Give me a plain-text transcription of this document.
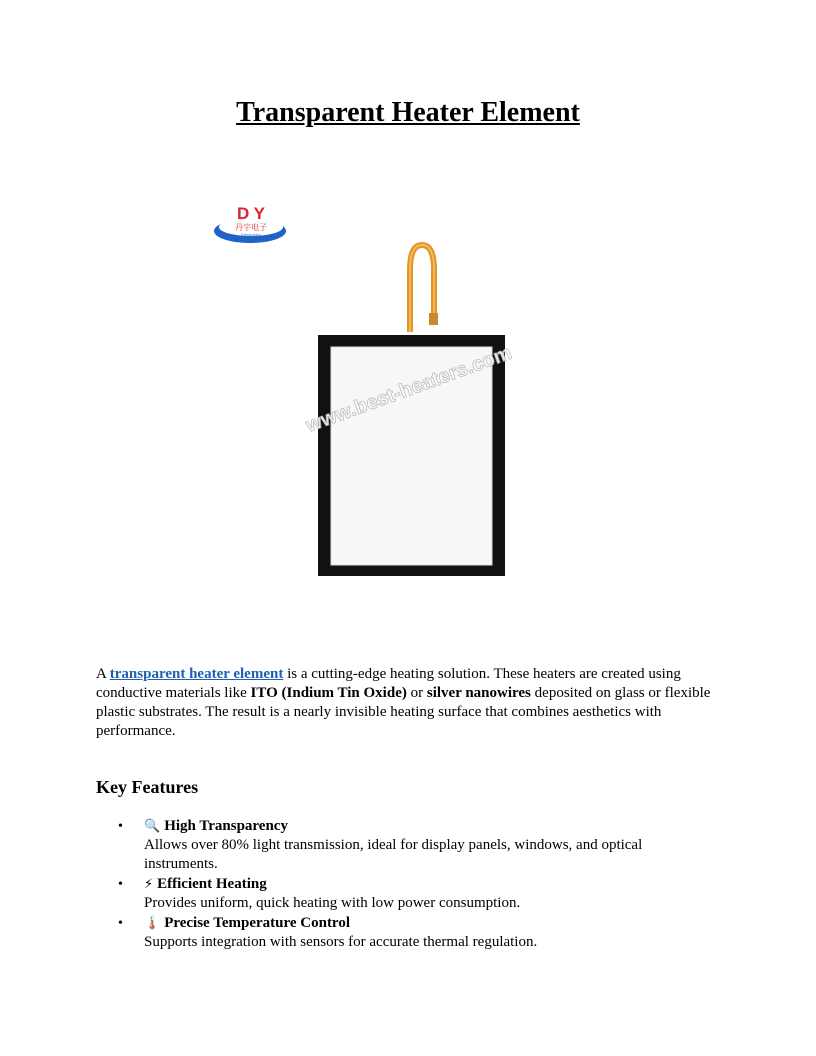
Transparent Heater Element
D Y
丹宇电子
Electronics
www.best-heaters.com

A transparent heater element is a cutting-edge heating solution. These heaters are created using conductive materials like ITO (Indium Tin Oxide) or silver nanowires deposited on glass or flexible plastic substrates. The result is a nearly invisible heating surface that combines aesthetics with performance.

Key Features
• 🔍 High Transparency
Allows over 80% light transmission, ideal for display panels, windows, and optical instruments.
• ⚡ Efficient Heating
Provides uniform, quick heating with low power consumption.
• 🌡️ Precise Temperature Control
Supports integration with sensors for accurate thermal regulation.
